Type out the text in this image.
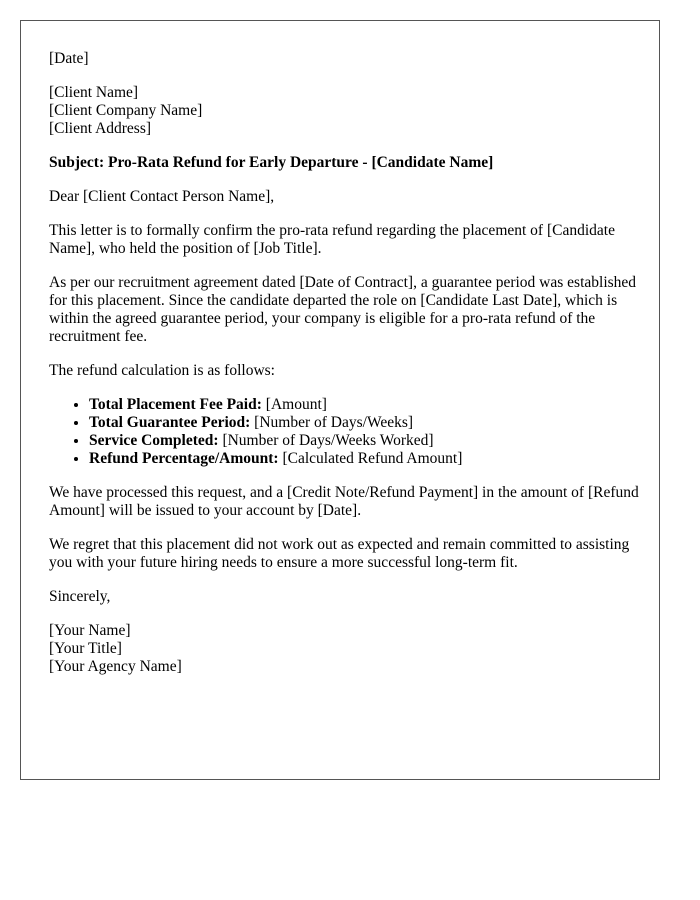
[Date]

[Client Name]
[Client Company Name]
[Client Address]

Subject: Pro-Rata Refund for Early Departure - [Candidate Name]

Dear [Client Contact Person Name],

This letter is to formally confirm the pro-rata refund regarding the placement of [Candidate Name], who held the position of [Job Title].

As per our recruitment agreement dated [Date of Contract], a guarantee period was established for this placement. Since the candidate departed the role on [Candidate Last Date], which is within the agreed guarantee period, your company is eligible for a pro-rata refund of the recruitment fee.

The refund calculation is as follows:

• Total Placement Fee Paid: [Amount]
• Total Guarantee Period: [Number of Days/Weeks]
• Service Completed: [Number of Days/Weeks Worked]
• Refund Percentage/Amount: [Calculated Refund Amount]

We have processed this request, and a [Credit Note/Refund Payment] in the amount of [Refund Amount] will be issued to your account by [Date].

We regret that this placement did not work out as expected and remain committed to assisting you with your future hiring needs to ensure a more successful long-term fit.

Sincerely,

[Your Name]
[Your Title]
[Your Agency Name]
